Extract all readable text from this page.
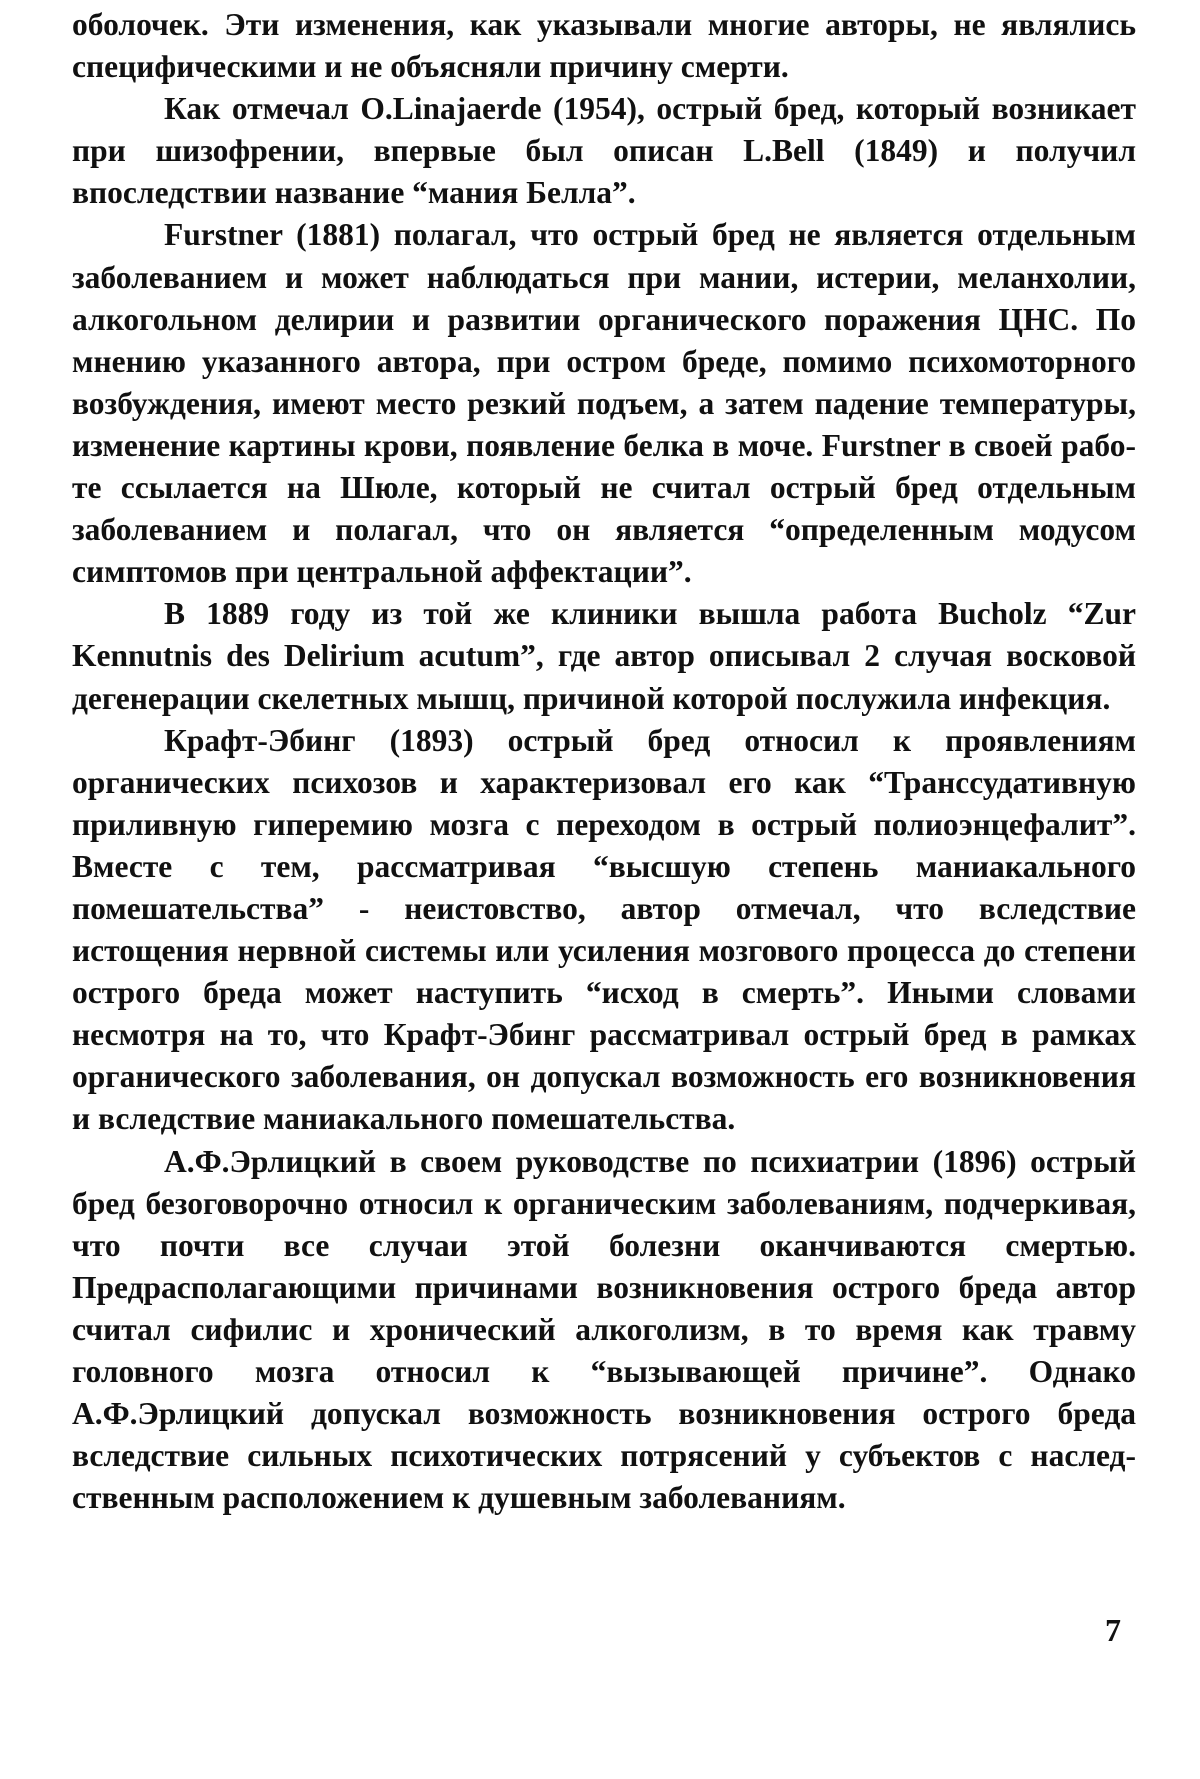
оболочек. Эти изменения, как указывали многие авторы, не являлись специфическими и не объясняли причину смерти.

Как отмечал O.Linajaerde (1954), острый бред, который возникает при шизофрении, впервые был описан L.Bell (1849) и получил впоследствии название “мания Белла”.

Furstner (1881) полагал, что острый бред не является отдельным заболеванием и может наблюдаться при мании, истерии, меланхолии, алкогольном делирии и развитии органического поражения ЦНС. По мнению указанного автора, при остром бреде, помимо психомоторного возбуждения, имеют место резкий подъем, а затем падение температуры, изменение картины крови, появление белка в моче. Furstner в своей работе ссылается на Шюле, который не считал острый бред отдельным заболеванием и полагал, что он является “определенным модусом симптомов при центральной аффектации”.

В 1889 году из той же клиники вышла работа Bucholz “Zur Kennutnis des Delirium acutum”, где автор описывал 2 случая восковой дегенерации скелетных мышц, причиной которой послужила инфекция.

Крафт-Эбинг (1893) острый бред относил к проявлениям органических психозов и характеризовал его как “Транссудативную приливную гиперемию мозга с переходом в острый полиоэнцефалит”. Вместе с тем, рассматривая “высшую степень маниакального помешательства” - неистовство, автор отмечал, что вследствие истощения нервной системы или усиления мозгового процесса до степени острого бреда может наступить “исход в смерть”. Иными словами несмотря на то, что Крафт-Эбинг рассматривал острый бред в рамках органического заболевания, он допускал возможность его возникновения и вследствие маниакального помешательства.

А.Ф.Эрлицкий в своем руководстве по психиатрии (1896) острый бред безоговорочно относил к органическим заболеваниям, подчеркивая, что почти все случаи этой болезни оканчиваются смертью. Предрасполагающими причинами возникновения острого бреда автор считал сифилис и хронический алкоголизм, в то время как травму головного мозга относил к “вызывающей причине”. Однако А.Ф.Эрлицкий допускал возможность возникновения острого бреда вследствие сильных психотических потрясений у субъектов с наследственным расположением к душевным заболеваниям.

7
